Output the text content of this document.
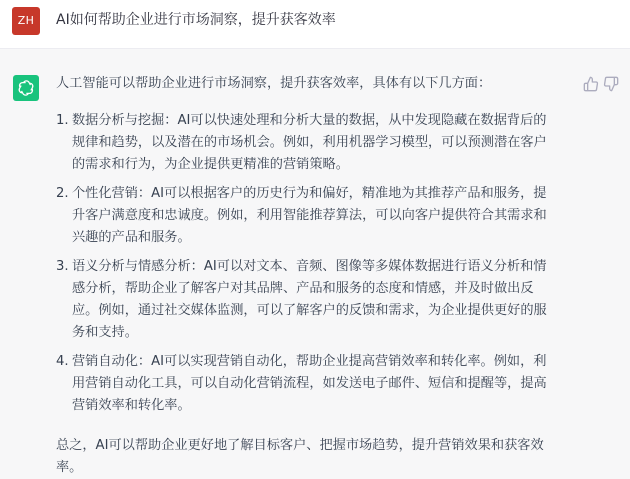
ZH	AI如何帮助企业进行市场洞察，提升获客效率

人工智能可以帮助企业进行市场洞察，提升获客效率，具体有以下几方面：

1. 数据分析与挖掘：AI可以快速处理和分析大量的数据，从中发现隐藏在数据背后的规律和趋势，以及潜在的市场机会。例如，利用机器学习模型，可以预测潜在客户的需求和行为，为企业提供更精准的营销策略。
2. 个性化营销：AI可以根据客户的历史行为和偏好，精准地为其推荐产品和服务，提升客户满意度和忠诚度。例如，利用智能推荐算法，可以向客户提供符合其需求和兴趣的产品和服务。
3. 语义分析与情感分析：AI可以对文本、音频、图像等多媒体数据进行语义分析和情感分析，帮助企业了解客户对其品牌、产品和服务的态度和情感，并及时做出反应。例如，通过社交媒体监测，可以了解客户的反馈和需求，为企业提供更好的服务和支持。
4. 营销自动化：AI可以实现营销自动化，帮助企业提高营销效率和转化率。例如，利用营销自动化工具，可以自动化营销流程，如发送电子邮件、短信和提醒等，提高营销效率和转化率。

总之，AI可以帮助企业更好地了解目标客户、把握市场趋势，提升营销效果和获客效率。
